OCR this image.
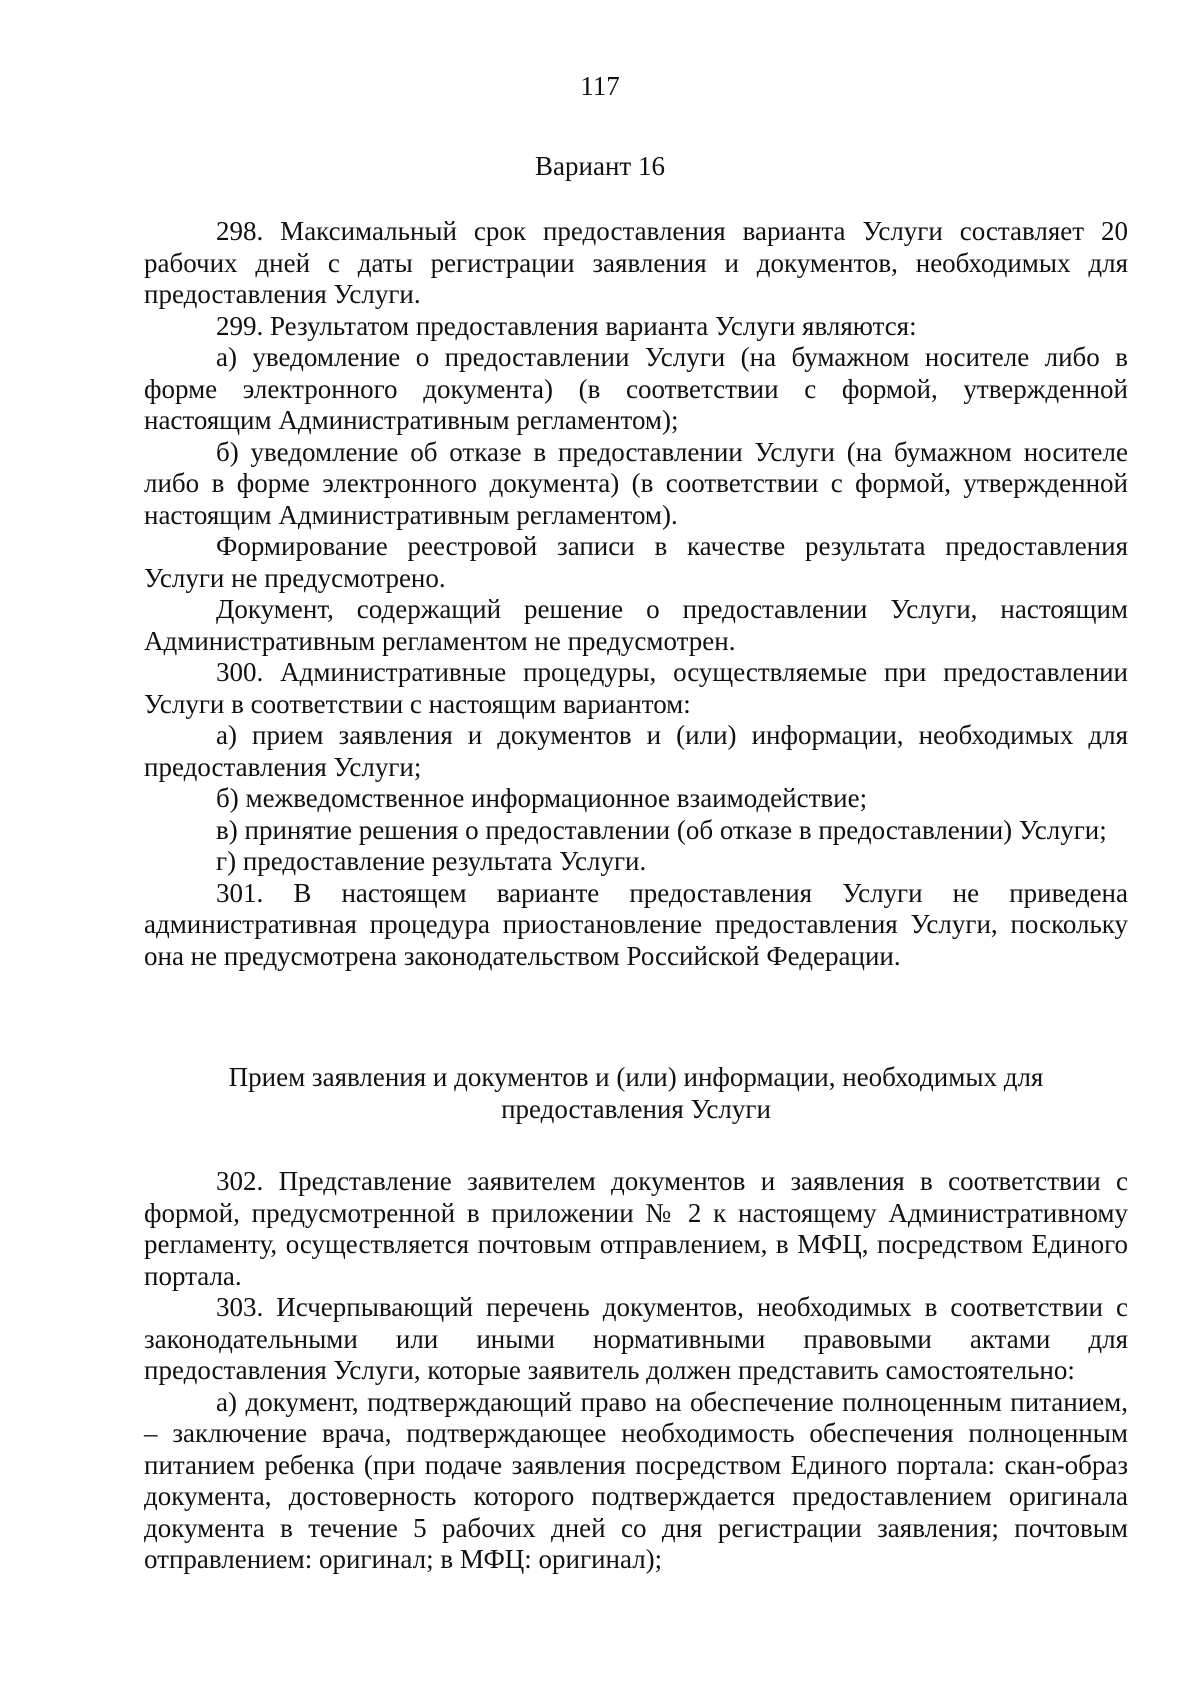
117
Вариант 16

298. Максимальный срок предоставления варианта Услуги составляет 20 рабочих дней с даты регистрации заявления и документов, необходимых для предоставления Услуги.

299. Результатом предоставления варианта Услуги являются:

а) уведомление о предоставлении Услуги (на бумажном носителе либо в форме электронного документа) (в соответствии с формой, утвержденной настоящим Административным регламентом);

б) уведомление об отказе в предоставлении Услуги (на бумажном носителе либо в форме электронного документа) (в соответствии с формой, утвержденной настоящим Административным регламентом).

Формирование реестровой записи в качестве результата предоставления Услуги не предусмотрено.

Документ, содержащий решение о предоставлении Услуги, настоящим Административным регламентом не предусмотрен.

300. Административные процедуры, осуществляемые при предоставлении Услуги в соответствии с настоящим вариантом:

а) прием заявления и документов и (или) информации, необходимых для предоставления Услуги;

б) межведомственное информационное взаимодействие;

в) принятие решения о предоставлении (об отказе в предоставлении) Услуги;

г) предоставление результата Услуги.

301. В настоящем варианте предоставления Услуги не приведена административная процедура приостановление предоставления Услуги, поскольку она не предусмотрена законодательством Российской Федерации.

Прием заявления и документов и (или) информации, необходимых для
предоставления Услуги

302. Представление заявителем документов и заявления в соответствии с формой, предусмотренной в приложении № 2 к настоящему Административному регламенту, осуществляется почтовым отправлением, в МФЦ, посредством Единого портала.

303. Исчерпывающий перечень документов, необходимых в соответствии с законодательными или иными нормативными правовыми актами для предоставления Услуги, которые заявитель должен представить самостоятельно:

а) документ, подтверждающий право на обеспечение полноценным питанием, – заключение врача, подтверждающее необходимость обеспечения полноценным питанием ребенка (при подаче заявления посредством Единого портала: скан-образ документа, достоверность которого подтверждается предоставлением оригинала документа в течение 5 рабочих дней со дня регистрации заявления; почтовым отправлением: оригинал; в МФЦ: оригинал);
